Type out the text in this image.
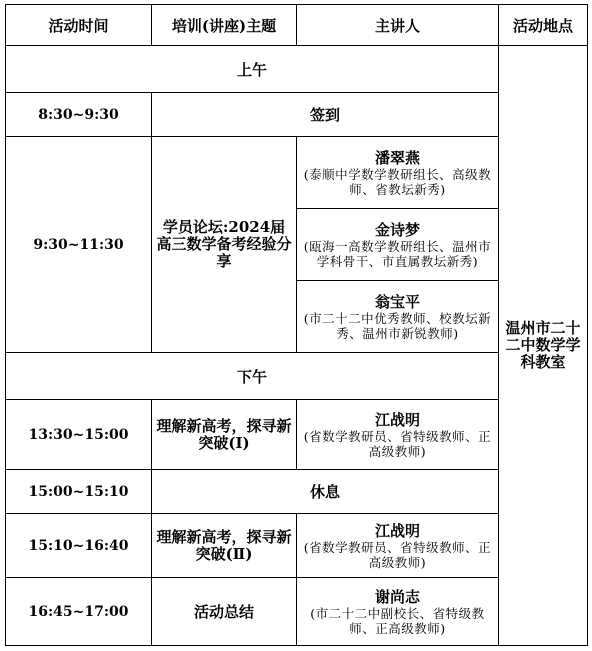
活动时间	培训(讲座)主题	主讲人	活动地点
上午			温州市二十二中数学学科教室
8:30~9:30	签到		
9:30~11:30	学员论坛:2024届高三数学备考经验分享	潘翠燕
(泰顺中学数学教研组长、高级教师、省教坛新秀)	

		金诗梦
(瓯海一高数学教研组长、温州市学科骨干、市直属教坛新秀)	

		翁宝平
(市二十二中优秀教师、校教坛新秀、温州市新锐教师)	

下午			
13:30~15:00	理解新高考，探寻新突破(Ⅰ)	江战明
(省数学教研员、省特级教师、正高级教师)	

15:00~15:10	休息		
15:10~16:40	理解新高考，探寻新突破(Ⅱ)	江战明
(省数学教研员、省特级教师、正高级教师)	

16:45~17:00	活动总结	谢尚志
(市二十二中副校长、省特级教师、正高级教师)	
